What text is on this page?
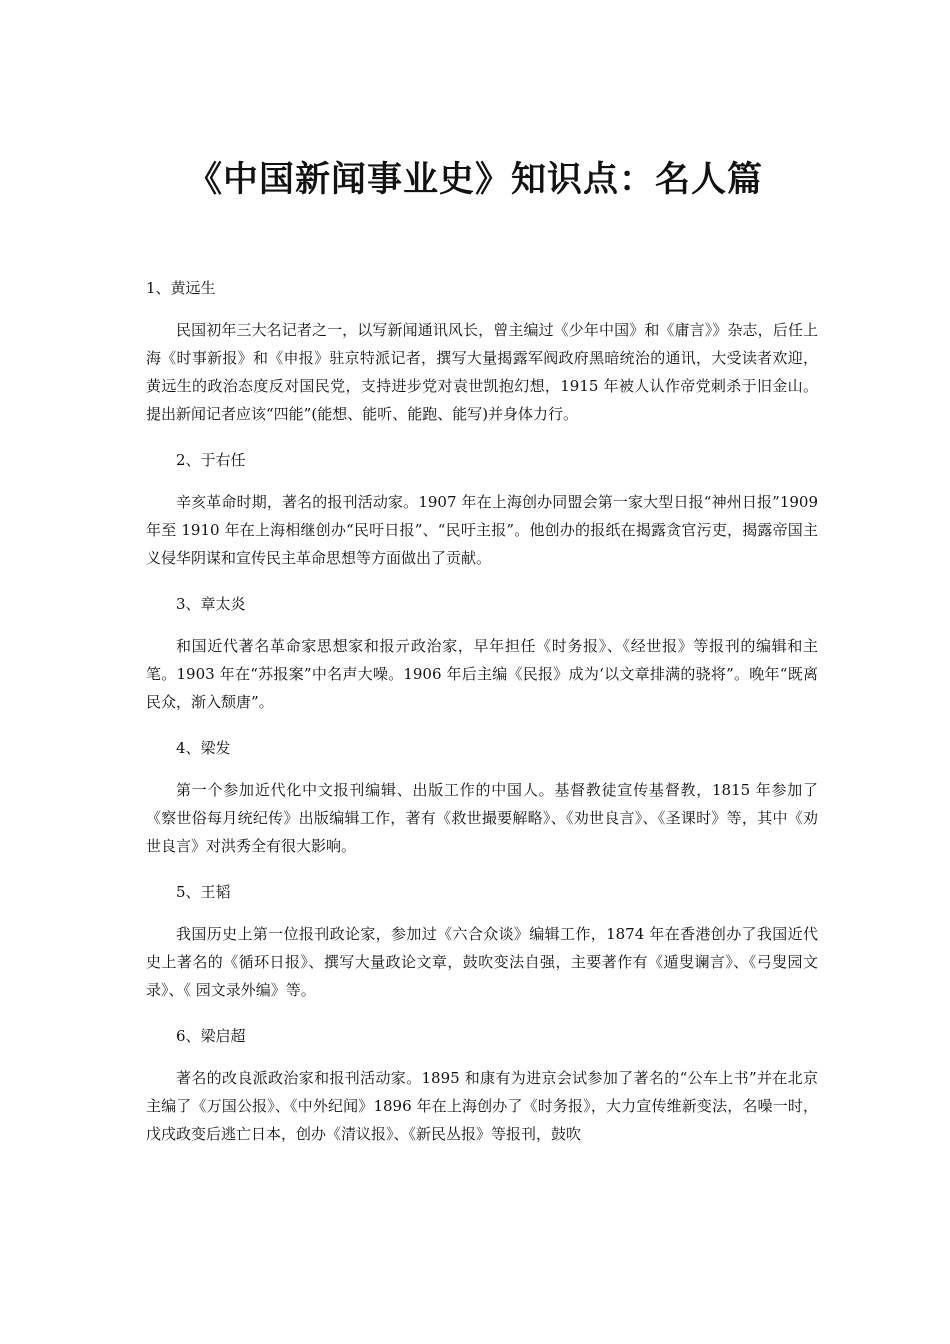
《中国新闻事业史》知识点：名人篇

1、黄远生

民国初年三大名记者之一，以写新闻通讯风长，曾主编过《少年中国》和《庸言》》杂志，后任上海《时事新报》和《申报》驻京特派记者，撰写大量揭露军阀政府黑暗统治的通讯，大受读者欢迎，黄远生的政治态度反对国民党，支持进步党对袁世凯抱幻想，1915 年被人认作帝党刺杀于旧金山。提出新闻记者应该“四能”(能想、能听、能跑、能写)并身体力行。

2、于右任

辛亥革命时期，著名的报刊活动家。1907 年在上海创办同盟会第一家大型日报“神州日报”1909 年至 1910 年在上海相继创办“民吁日报”、“民吁主报”。他创办的报纸在揭露贪官污吏，揭露帝国主义侵华阴谋和宣传民主革命思想等方面做出了贡献。

3、章太炎

和国近代著名革命家思想家和报亓政治家，早年担任《时务报》、《经世报》等报刊的编辑和主笔。1903 年在“苏报案”中名声大噪。1906 年后主编《民报》成为‘以文章排满的骁将”。晚年“既离民众，渐入颓唐”。

4、梁发

第一个参加近代化中文报刊编辑、出版工作的中国人。基督教徒宣传基督教，1815 年参加了《察世俗每月统纪传》出版编辑工作，著有《救世撮要解略》、《劝世良言》、《圣课时》等，其中《劝世良言》对洪秀全有很大影响。

5、王韬

我国历史上第一位报刊政论家，参加过《六合众谈》编辑工作，1874 年在香港创办了我国近代史上著名的《循环日报》、撰写大量政论文章，鼓吹变法自强，主要著作有《遁叟谰言》、《弓叟园文录》、《 园文录外编》等。

6、梁启超

著名的改良派政治家和报刊活动家。1895 和康有为进京会试参加了著名的“公车上书”并在北京主编了《万国公报》、《中外纪闻》1896 年在上海创办了《时务报》，大力宣传维新变法，名噪一时，戊戌政变后逃亡日本，创办《清议报》、《新民丛报》等报刊，鼓吹
